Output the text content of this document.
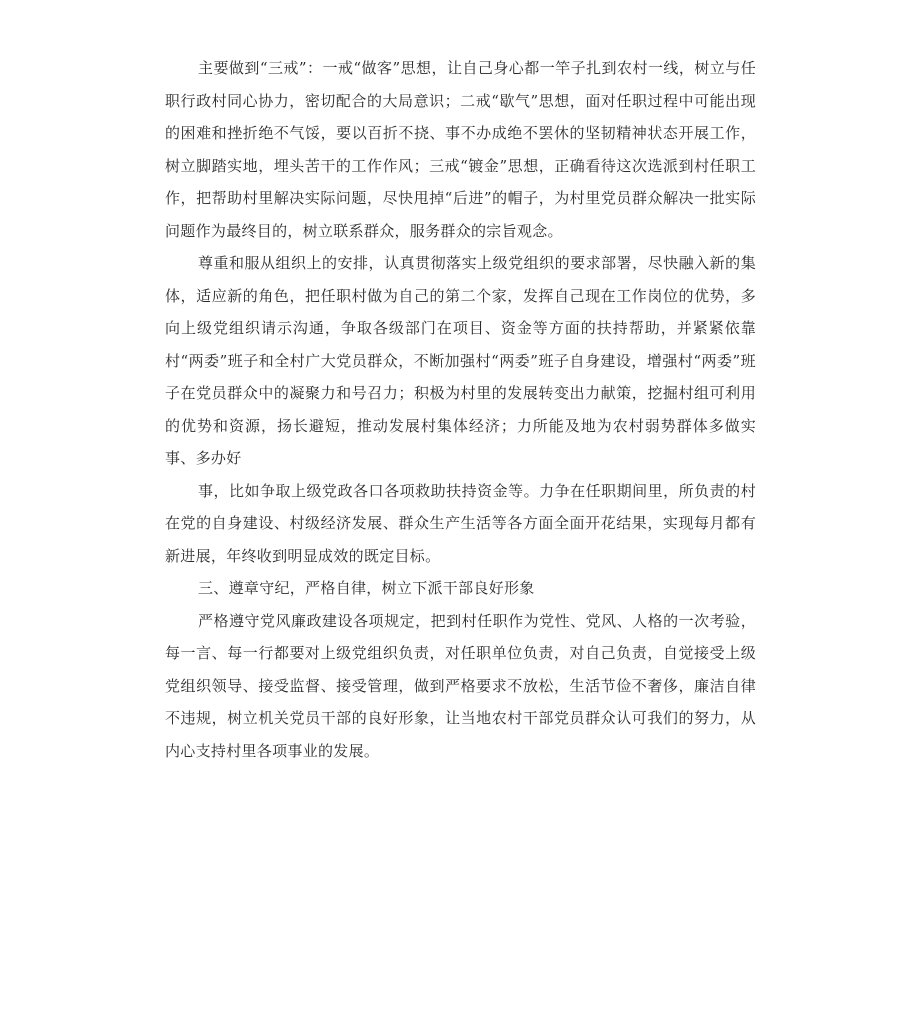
主要做到“三戒”：一戒“做客”思想，让自己身心都一竿子扎到农村一线，树立与任职行政村同心协力，密切配合的大局意识；二戒“歇气”思想，面对任职过程中可能出现的困难和挫折绝不气馁，要以百折不挠、事不办成绝不罢休的坚韧精神状态开展工作，树立脚踏实地，埋头苦干的工作作风；三戒“镀金”思想，正确看待这次选派到村任职工作，把帮助村里解决实际问题，尽快甩掉“后进”的帽子，为村里党员群众解决一批实际问题作为最终目的，树立联系群众，服务群众的宗旨观念。

尊重和服从组织上的安排，认真贯彻落实上级党组织的要求部署，尽快融入新的集体，适应新的角色，把任职村做为自己的第二个家，发挥自己现在工作岗位的优势，多向上级党组织请示沟通，争取各级部门在项目、资金等方面的扶持帮助，并紧紧依靠村“两委”班子和全村广大党员群众，不断加强村“两委”班子自身建设，增强村“两委”班子在党员群众中的凝聚力和号召力；积极为村里的发展转变出力献策，挖掘村组可利用的优势和资源，扬长避短，推动发展村集体经济；力所能及地为农村弱势群体多做实事、多办好

事，比如争取上级党政各口各项救助扶持资金等。力争在任职期间里，所负责的村在党的自身建设、村级经济发展、群众生产生活等各方面全面开花结果，实现每月都有新进展，年终收到明显成效的既定目标。

三、遵章守纪，严格自律，树立下派干部良好形象

严格遵守党风廉政建设各项规定，把到村任职作为党性、党风、人格的一次考验，每一言、每一行都要对上级党组织负责，对任职单位负责，对自己负责，自觉接受上级党组织领导、接受监督、接受管理，做到严格要求不放松，生活节俭不奢侈，廉洁自律不违规，树立机关党员干部的良好形象，让当地农村干部党员群众认可我们的努力，从内心支持村里各项事业的发展。
